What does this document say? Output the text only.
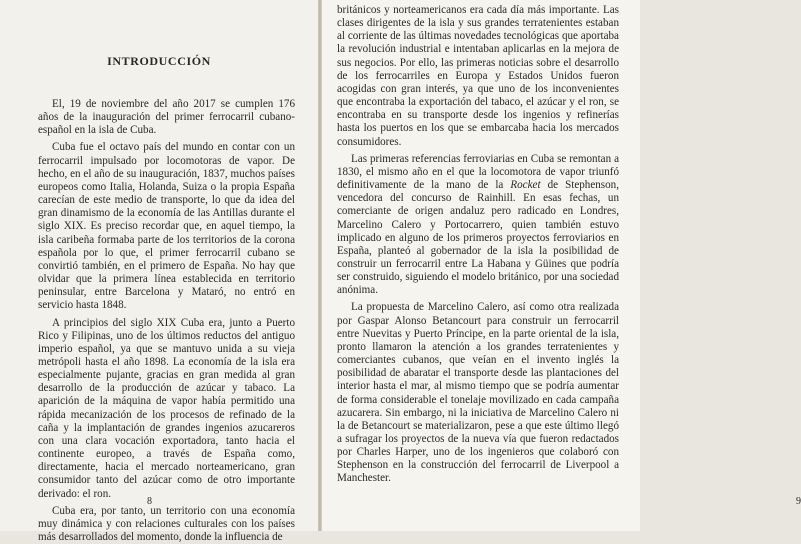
INTRODUCCIÓN

El, 19 de noviembre del año 2017 se cumplen 176 años de la inauguración del primer ferrocarril cubano-español en la isla de Cuba.

Cuba fue el octavo país del mundo en contar con un ferrocarril impulsado por locomotoras de vapor. De hecho, en el año de su inauguración, 1837, muchos países europeos como Italia, Holanda, Suiza o la propia España carecían de este medio de transporte, lo que da idea del gran dinamismo de la economía de las Antillas durante el siglo XIX. Es preciso recordar que, en aquel tiempo, la isla caribeña formaba parte de los territorios de la corona española por lo que, el primer ferrocarril cubano se convirtió también, en el primero de España. No hay que olvidar que la primera línea establecida en territorio peninsular, entre Barcelona y Mataró, no entró en servicio hasta 1848.

A principios del siglo XIX Cuba era, junto a Puerto Rico y Filipinas, uno de los últimos reductos del antiguo imperio español, ya que se mantuvo unida a su vieja metrópoli hasta el año 1898. La economía de la isla era especialmente pujante, gracias en gran medida al gran desarrollo de la producción de azúcar y tabaco. La aparición de la máquina de vapor había permitido una rápida mecanización de los procesos de refinado de la caña y la implantación de grandes ingenios azucareros con una clara vocación exportadora, tanto hacia el continente europeo, a través de España como, directamente, hacia el mercado norteamericano, gran consumidor tanto del azúcar como de otro importante derivado: el ron.

Cuba era, por tanto, un territorio con una economía muy dinámica y con relaciones culturales con los países más desarrollados del momento, donde la influencia de

8	9

británicos y norteamericanos era cada día más importante. Las clases dirigentes de la isla y sus grandes terratenientes estaban al corriente de las últimas novedades tecnológicas que aportaba la revolución industrial e intentaban aplicarlas en la mejora de sus negocios. Por ello, las primeras noticias sobre el desarrollo de los ferrocarriles en Europa y Estados Unidos fueron acogidas con gran interés, ya que uno de los inconvenientes que encontraba la exportación del tabaco, el azúcar y el ron, se encontraba en su transporte desde los ingenios y refinerías hasta los puertos en los que se embarcaba hacia los mercados consumidores.

Las primeras referencias ferroviarias en Cuba se remontan a 1830, el mismo año en el que la locomotora de vapor triunfó definitivamente de la mano de la Rocket de Stephenson, vencedora del concurso de Rainhill. En esas fechas, un comerciante de origen andaluz pero radicado en Londres, Marcelino Calero y Portocarrero, quien también estuvo implicado en alguno de los primeros proyectos ferroviarios en España, planteó al gobernador de la isla la posibilidad de construir un ferrocarril entre La Habana y Güines que podría ser construido, siguiendo el modelo británico, por una sociedad anónima.

La propuesta de Marcelino Calero, así como otra realizada por Gaspar Alonso Betancourt para construir un ferrocarril entre Nuevitas y Puerto Príncipe, en la parte oriental de la isla, pronto llamaron la atención a los grandes terratenientes y comerciantes cubanos, que veían en el invento inglés la posibilidad de abaratar el transporte desde las plantaciones del interior hasta el mar, al mismo tiempo que se podría aumentar de forma considerable el tonelaje movilizado en cada campaña azucarera. Sin embargo, ni la iniciativa de Marcelino Calero ni la de Betancourt se materializaron, pese a que este último llegó a sufragar los proyectos de la nueva vía que fueron redactados por Charles Harper, uno de los ingenieros que colaboró con Stephenson en la construcción del ferrocarril de Liverpool a Manchester.
